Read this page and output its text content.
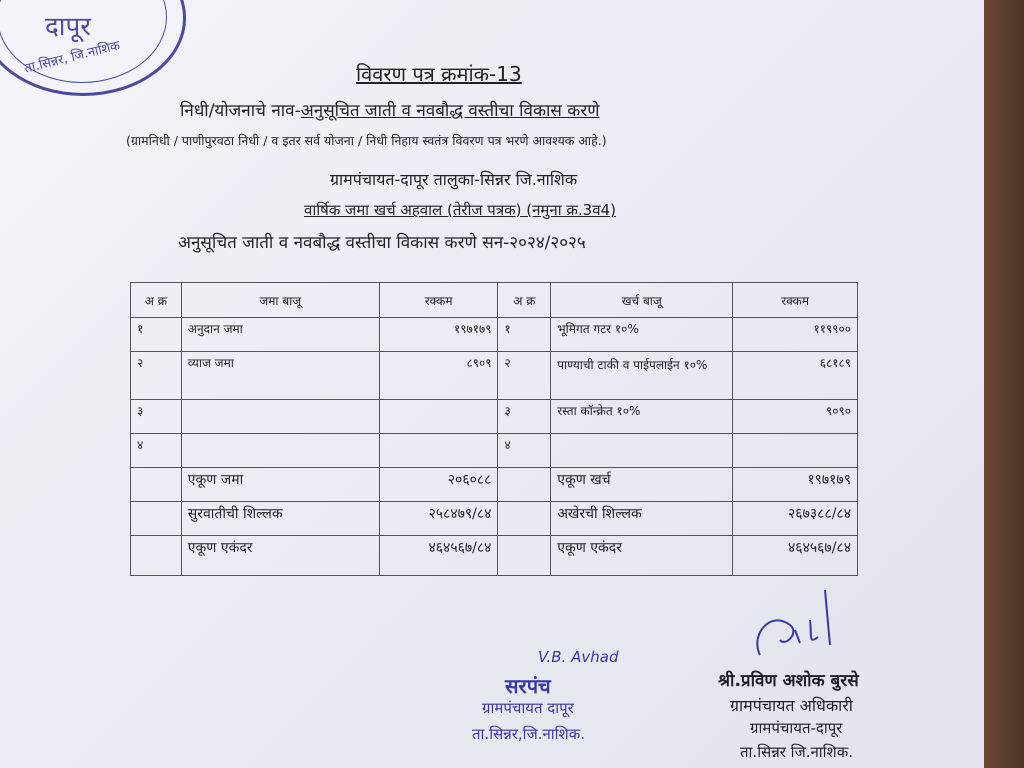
दापूर
ता.सिन्नर, जि.नाशिक	विवरण पत्र क्रमांक-13
निधी/योजनाचे नाव-अनुसूचित जाती व नवबौद्ध वस्तीचा विकास करणे
(ग्रामनिधी / पाणीपुरवठा निधी / व इतर सर्व योजना / निधी निहाय स्वतंत्र विवरण पत्र भरणे आवश्यक आहे.)
ग्रामपंचायत-दापूर तालुका-सिन्नर जि.नाशिक
वार्षिक जमा खर्च अहवाल (तेरीज पत्रक) (नमुना क्र.3व4)
अनुसूचित जाती व नवबौद्ध वस्तीचा विकास करणे सन-२०२४/२०२५
अ क्र	जमा बाजू	रक्कम	अ क्र	खर्च बाजू	रक्कम
१	अनुदान जमा	१९७१७९	१	भूमिगत गटर १०%	११९९००
२	व्याज जमा	८९०९	२	पाण्याची टाकी व पाईपलाईन १०%	६८१८९
३			३	रस्ता कॉन्क्रेत १०%	९०९०
४			४		
	एकूण जमा	२०६०८८		एकूण खर्च	१९७१७९
	सुरवातीची शिल्लक	२५८४७९/८४		अखेरची शिल्लक	२६७३८८/८४
	एकूण एकंदर	४६४५६७/८४		एकूण एकंदर	४६४५६७/८४
V.B. Avhad
सरपंच
ग्रामपंचायत दापूर
ता.सिन्नर,जि.नाशिक.
श्री.प्रविण अशोक बुरसे
ग्रामपंचायत अधिकारी
ग्रामपंचायत-दापूर
ता.सिन्नर जि.नाशिक.
